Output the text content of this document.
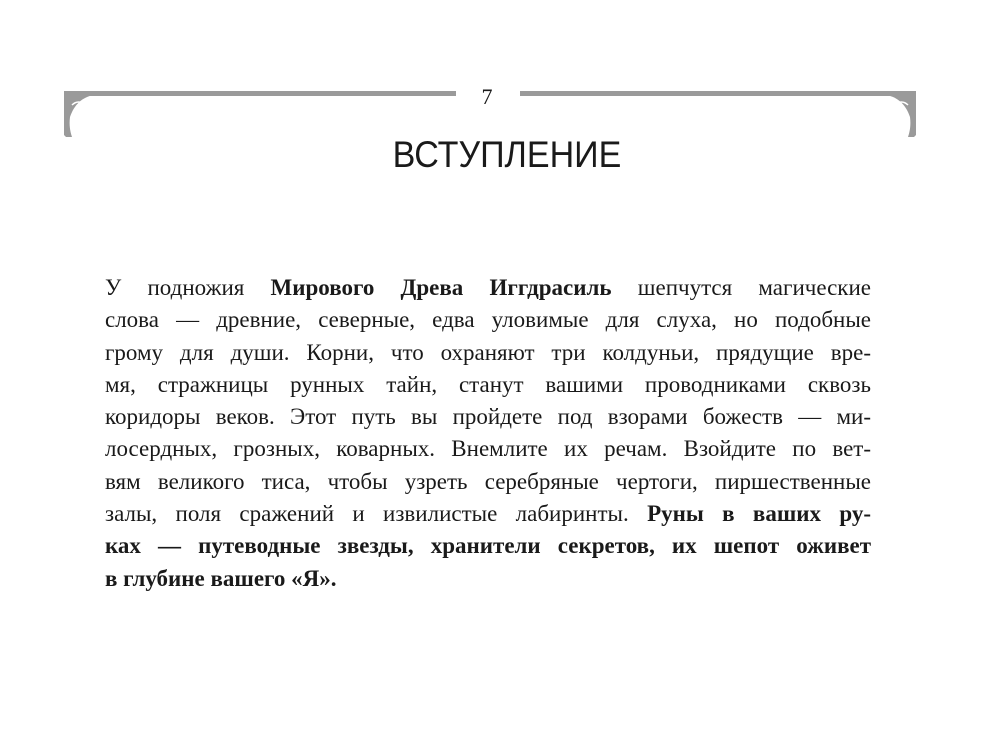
7
ВСТУПЛЕНИЕ
У подножия Мирового Древа Иггдрасиль шепчутся магические
слова — древние, северные, едва уловимые для слуха, но подобные
грому для души. Корни, что охраняют три колдуньи, прядущие вре-
мя, стражницы рунных тайн, станут вашими проводниками сквозь
коридоры веков. Этот путь вы пройдете под взорами божеств — ми-
лосердных, грозных, коварных. Внемлите их речам. Взойдите по вет-
вям великого тиса, чтобы узреть серебряные чертоги, пиршественные
залы, поля сражений и извилистые лабиринты. Руны в ваших ру-
ках — путеводные звезды, хранители секретов, их шепот оживет
в глубине вашего «Я».
